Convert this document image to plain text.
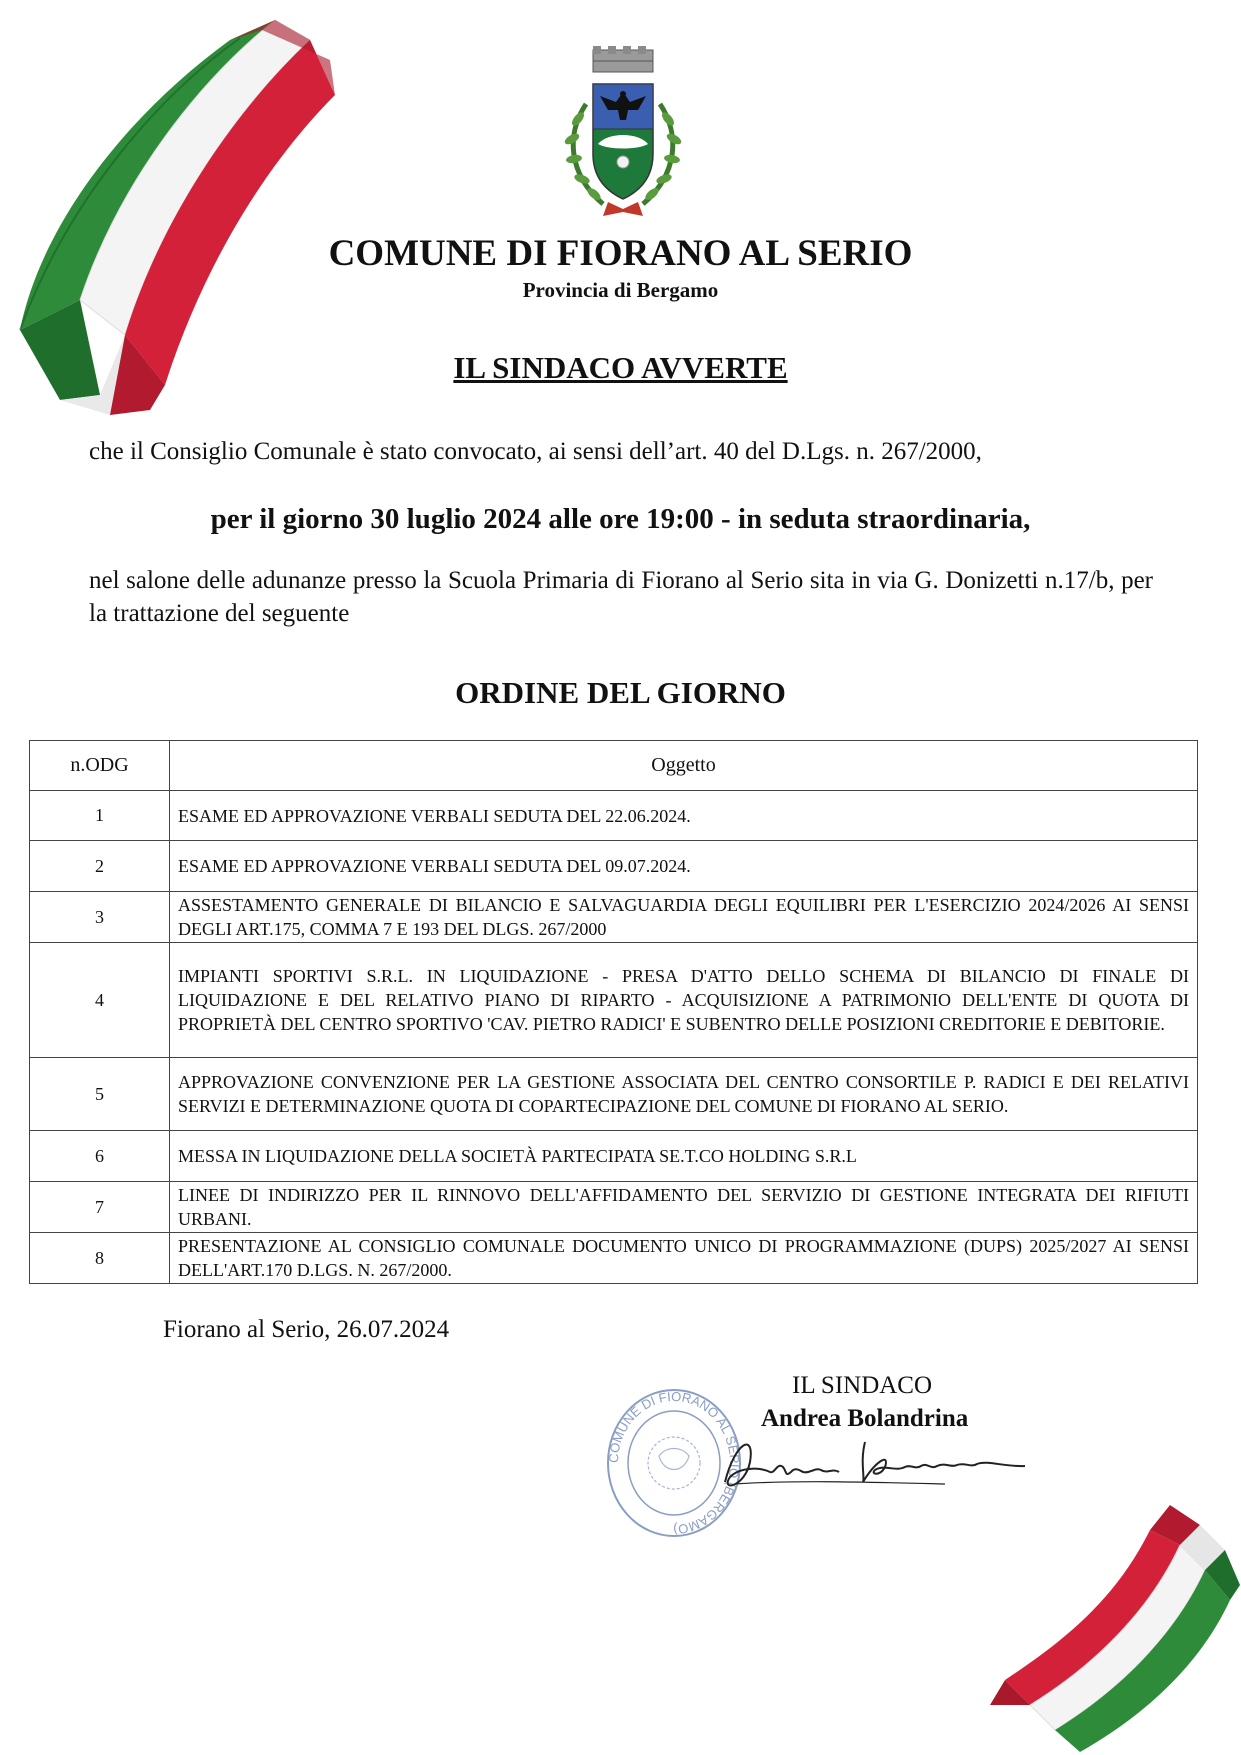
COMUNE DI FIORANO AL SERIO
Provincia di Bergamo
IL SINDACO AVVERTE
che il Consiglio Comunale è stato convocato, ai sensi dell’art. 40 del D.Lgs. n. 267/2000,
per il giorno 30 luglio 2024 alle ore 19:00 - in seduta straordinaria,
nel salone delle adunanze presso la Scuola Primaria di Fiorano al Serio sita in via G. Donizetti n.17/b, per la trattazione del seguente
ORDINE DEL GIORNO
n.ODG	Oggetto
1	ESAME ED APPROVAZIONE VERBALI SEDUTA DEL 22.06.2024.
2	ESAME ED APPROVAZIONE VERBALI SEDUTA DEL 09.07.2024.
3	ASSESTAMENTO GENERALE DI BILANCIO E SALVAGUARDIA DEGLI EQUILIBRI PER L'ESERCIZIO 2024/2026 AI SENSI DEGLI ART.175, COMMA 7 E 193 DEL DLGS. 267/2000
4	IMPIANTI SPORTIVI S.R.L. IN LIQUIDAZIONE - PRESA D'ATTO DELLO SCHEMA DI BILANCIO DI FINALE DI LIQUIDAZIONE E DEL RELATIVO PIANO DI RIPARTO - ACQUISIZIONE A PATRIMONIO DELL'ENTE DI QUOTA DI PROPRIETÀ DEL CENTRO SPORTIVO 'CAV. PIETRO RADICI' E SUBENTRO DELLE POSIZIONI CREDITORIE E DEBITORIE.
5	APPROVAZIONE CONVENZIONE PER LA GESTIONE ASSOCIATA DEL CENTRO CONSORTILE P. RADICI E DEI RELATIVI SERVIZI E DETERMINAZIONE QUOTA DI COPARTECIPAZIONE DEL COMUNE DI FIORANO AL SERIO.
6	MESSA IN LIQUIDAZIONE DELLA SOCIETÀ PARTECIPATA SE.T.CO HOLDING S.R.L
7	LINEE DI INDIRIZZO PER IL RINNOVO DELL'AFFIDAMENTO DEL SERVIZIO DI GESTIONE INTEGRATA DEI RIFIUTI URBANI.
8	PRESENTAZIONE AL CONSIGLIO COMUNALE DOCUMENTO UNICO DI PROGRAMMAZIONE (DUPS) 2025/2027 AI SENSI DELL'ART.170 D.LGS. N. 267/2000.
Fiorano al Serio, 26.07.2024
COMUNE DI FIORANO AL SERIO (BERGAMO)
IL SINDACO
Andrea Bolandrina
